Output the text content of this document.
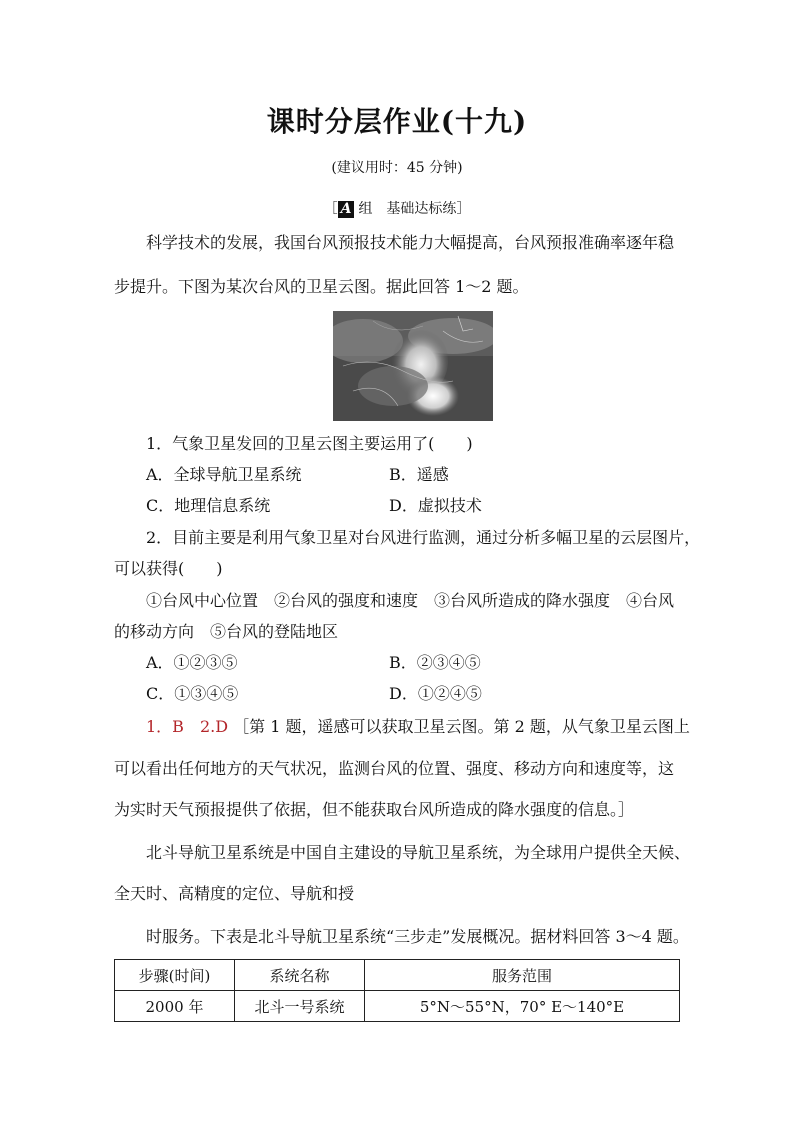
课时分层作业(十九)
(建议用时：45 分钟)
［ A 组　基础达标练］
科学技术的发展，我国台风预报技术能力大幅提高，台风预报准确率逐年稳
步提升。下图为某次台风的卫星云图。据此回答 1～2 题。
1．气象卫星发回的卫星云图主要运用了(　　)
A．全球导航卫星系统	B．遥感
C．地理信息系统	D．虚拟技术
2．目前主要是利用气象卫星对台风进行监测，通过分析多幅卫星的云层图片，
可以获得(　　)
①台风中心位置　②台风的强度和速度　③台风所造成的降水强度　④台风
的移动方向　⑤台风的登陆地区
A．①②③⑤	B．②③④⑤
C．①③④⑤	D．①②④⑤
1．B　2.D ［第 1 题，遥感可以获取卫星云图。第 2 题，从气象卫星云图上
可以看出任何地方的天气状况，监测台风的位置、强度、移动方向和速度等，这
为实时天气预报提供了依据，但不能获取台风所造成的降水强度的信息。］
北斗导航卫星系统是中国自主建设的导航卫星系统，为全球用户提供全天候、
全天时、高精度的定位、导航和授
时服务。下表是北斗导航卫星系统“三步走”发展概况。据材料回答 3～4 题。
步骤(时间)	系统名称	服务范围
2000 年	北斗一号系统	5°N～55°N，70° E～140°E
